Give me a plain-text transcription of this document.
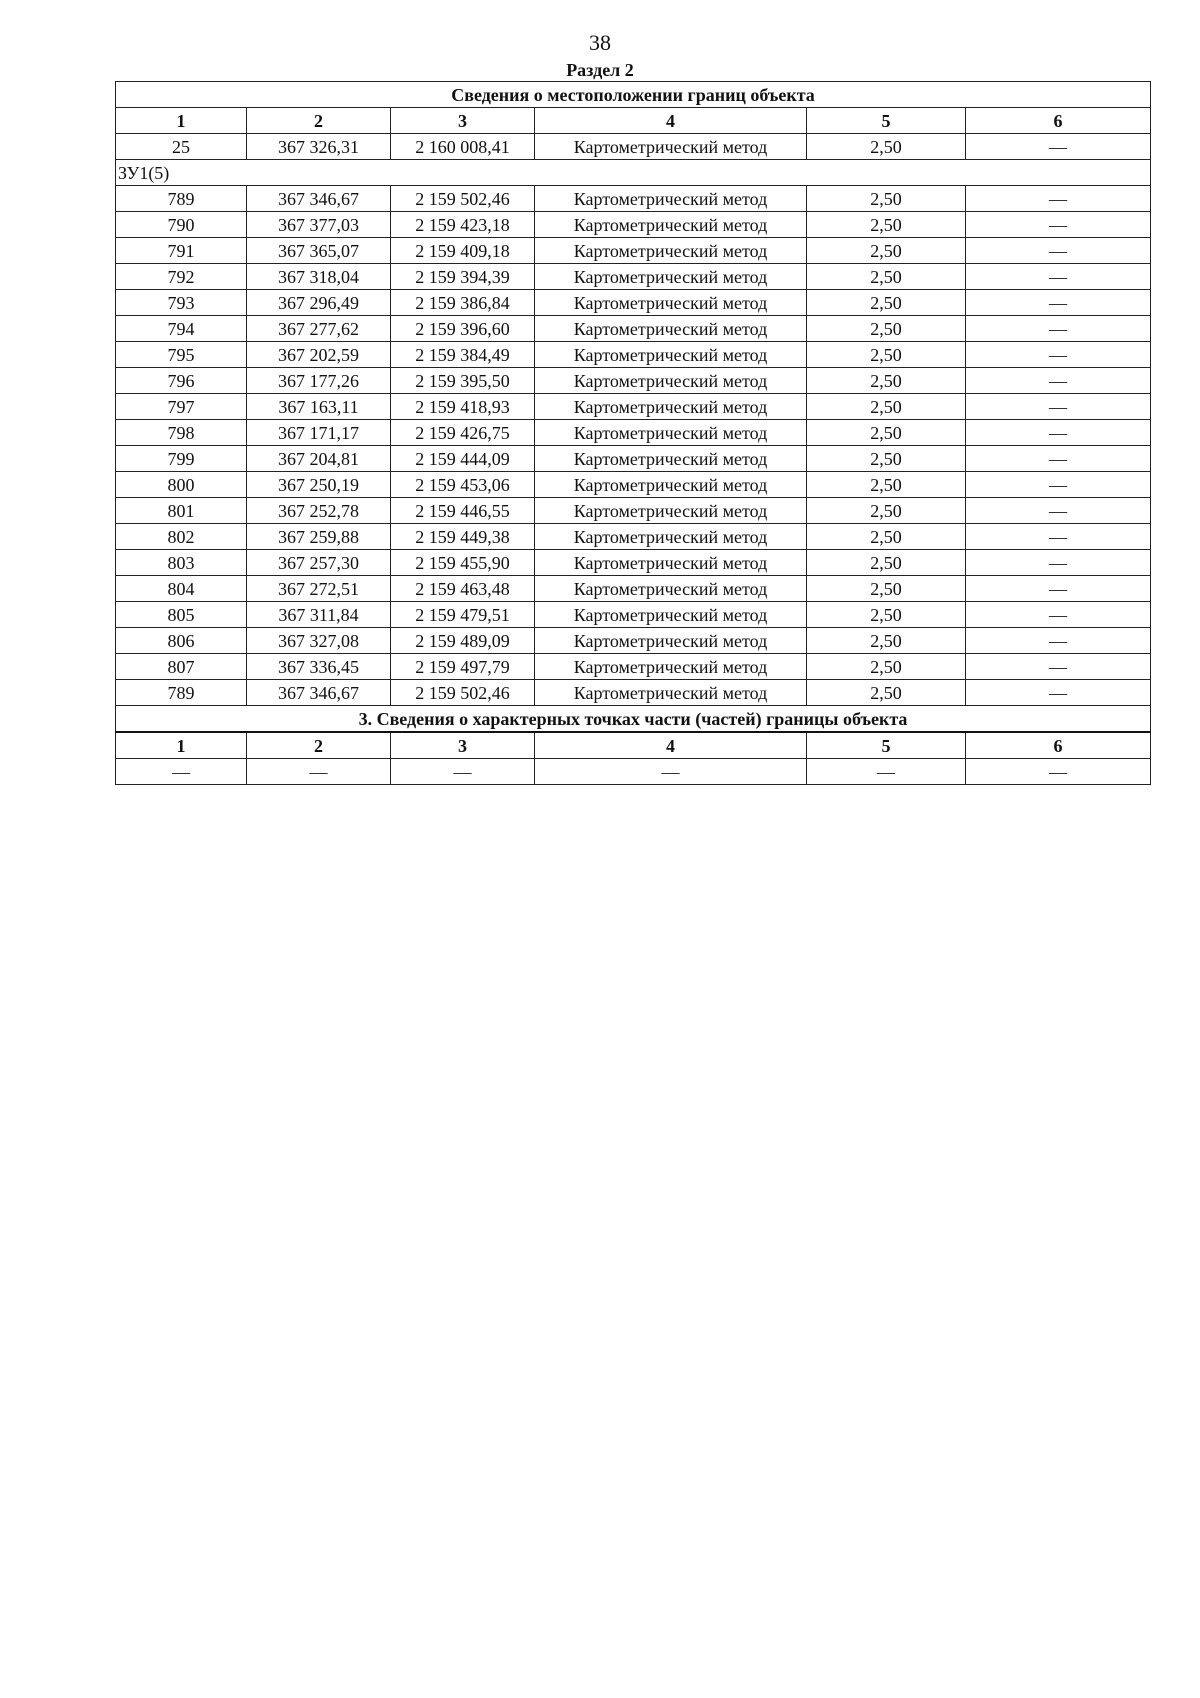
38
Раздел 2
Сведения о местоположении границ объекта					
1	2	3	4	5	6
25	367 326,31	2 160 008,41	Картометрический метод	2,50	—
ЗУ1(5)					
789	367 346,67	2 159 502,46	Картометрический метод	2,50	—
790	367 377,03	2 159 423,18	Картометрический метод	2,50	—
791	367 365,07	2 159 409,18	Картометрический метод	2,50	—
792	367 318,04	2 159 394,39	Картометрический метод	2,50	—
793	367 296,49	2 159 386,84	Картометрический метод	2,50	—
794	367 277,62	2 159 396,60	Картометрический метод	2,50	—
795	367 202,59	2 159 384,49	Картометрический метод	2,50	—
796	367 177,26	2 159 395,50	Картометрический метод	2,50	—
797	367 163,11	2 159 418,93	Картометрический метод	2,50	—
798	367 171,17	2 159 426,75	Картометрический метод	2,50	—
799	367 204,81	2 159 444,09	Картометрический метод	2,50	—
800	367 250,19	2 159 453,06	Картометрический метод	2,50	—
801	367 252,78	2 159 446,55	Картометрический метод	2,50	—
802	367 259,88	2 159 449,38	Картометрический метод	2,50	—
803	367 257,30	2 159 455,90	Картометрический метод	2,50	—
804	367 272,51	2 159 463,48	Картометрический метод	2,50	—
805	367 311,84	2 159 479,51	Картометрический метод	2,50	—
806	367 327,08	2 159 489,09	Картометрический метод	2,50	—
807	367 336,45	2 159 497,79	Картометрический метод	2,50	—
789	367 346,67	2 159 502,46	Картометрический метод	2,50	—
3. Сведения о характерных точках части (частей) границы объекта					
1	2	3	4	5	6
—	—	—	—	—	—
